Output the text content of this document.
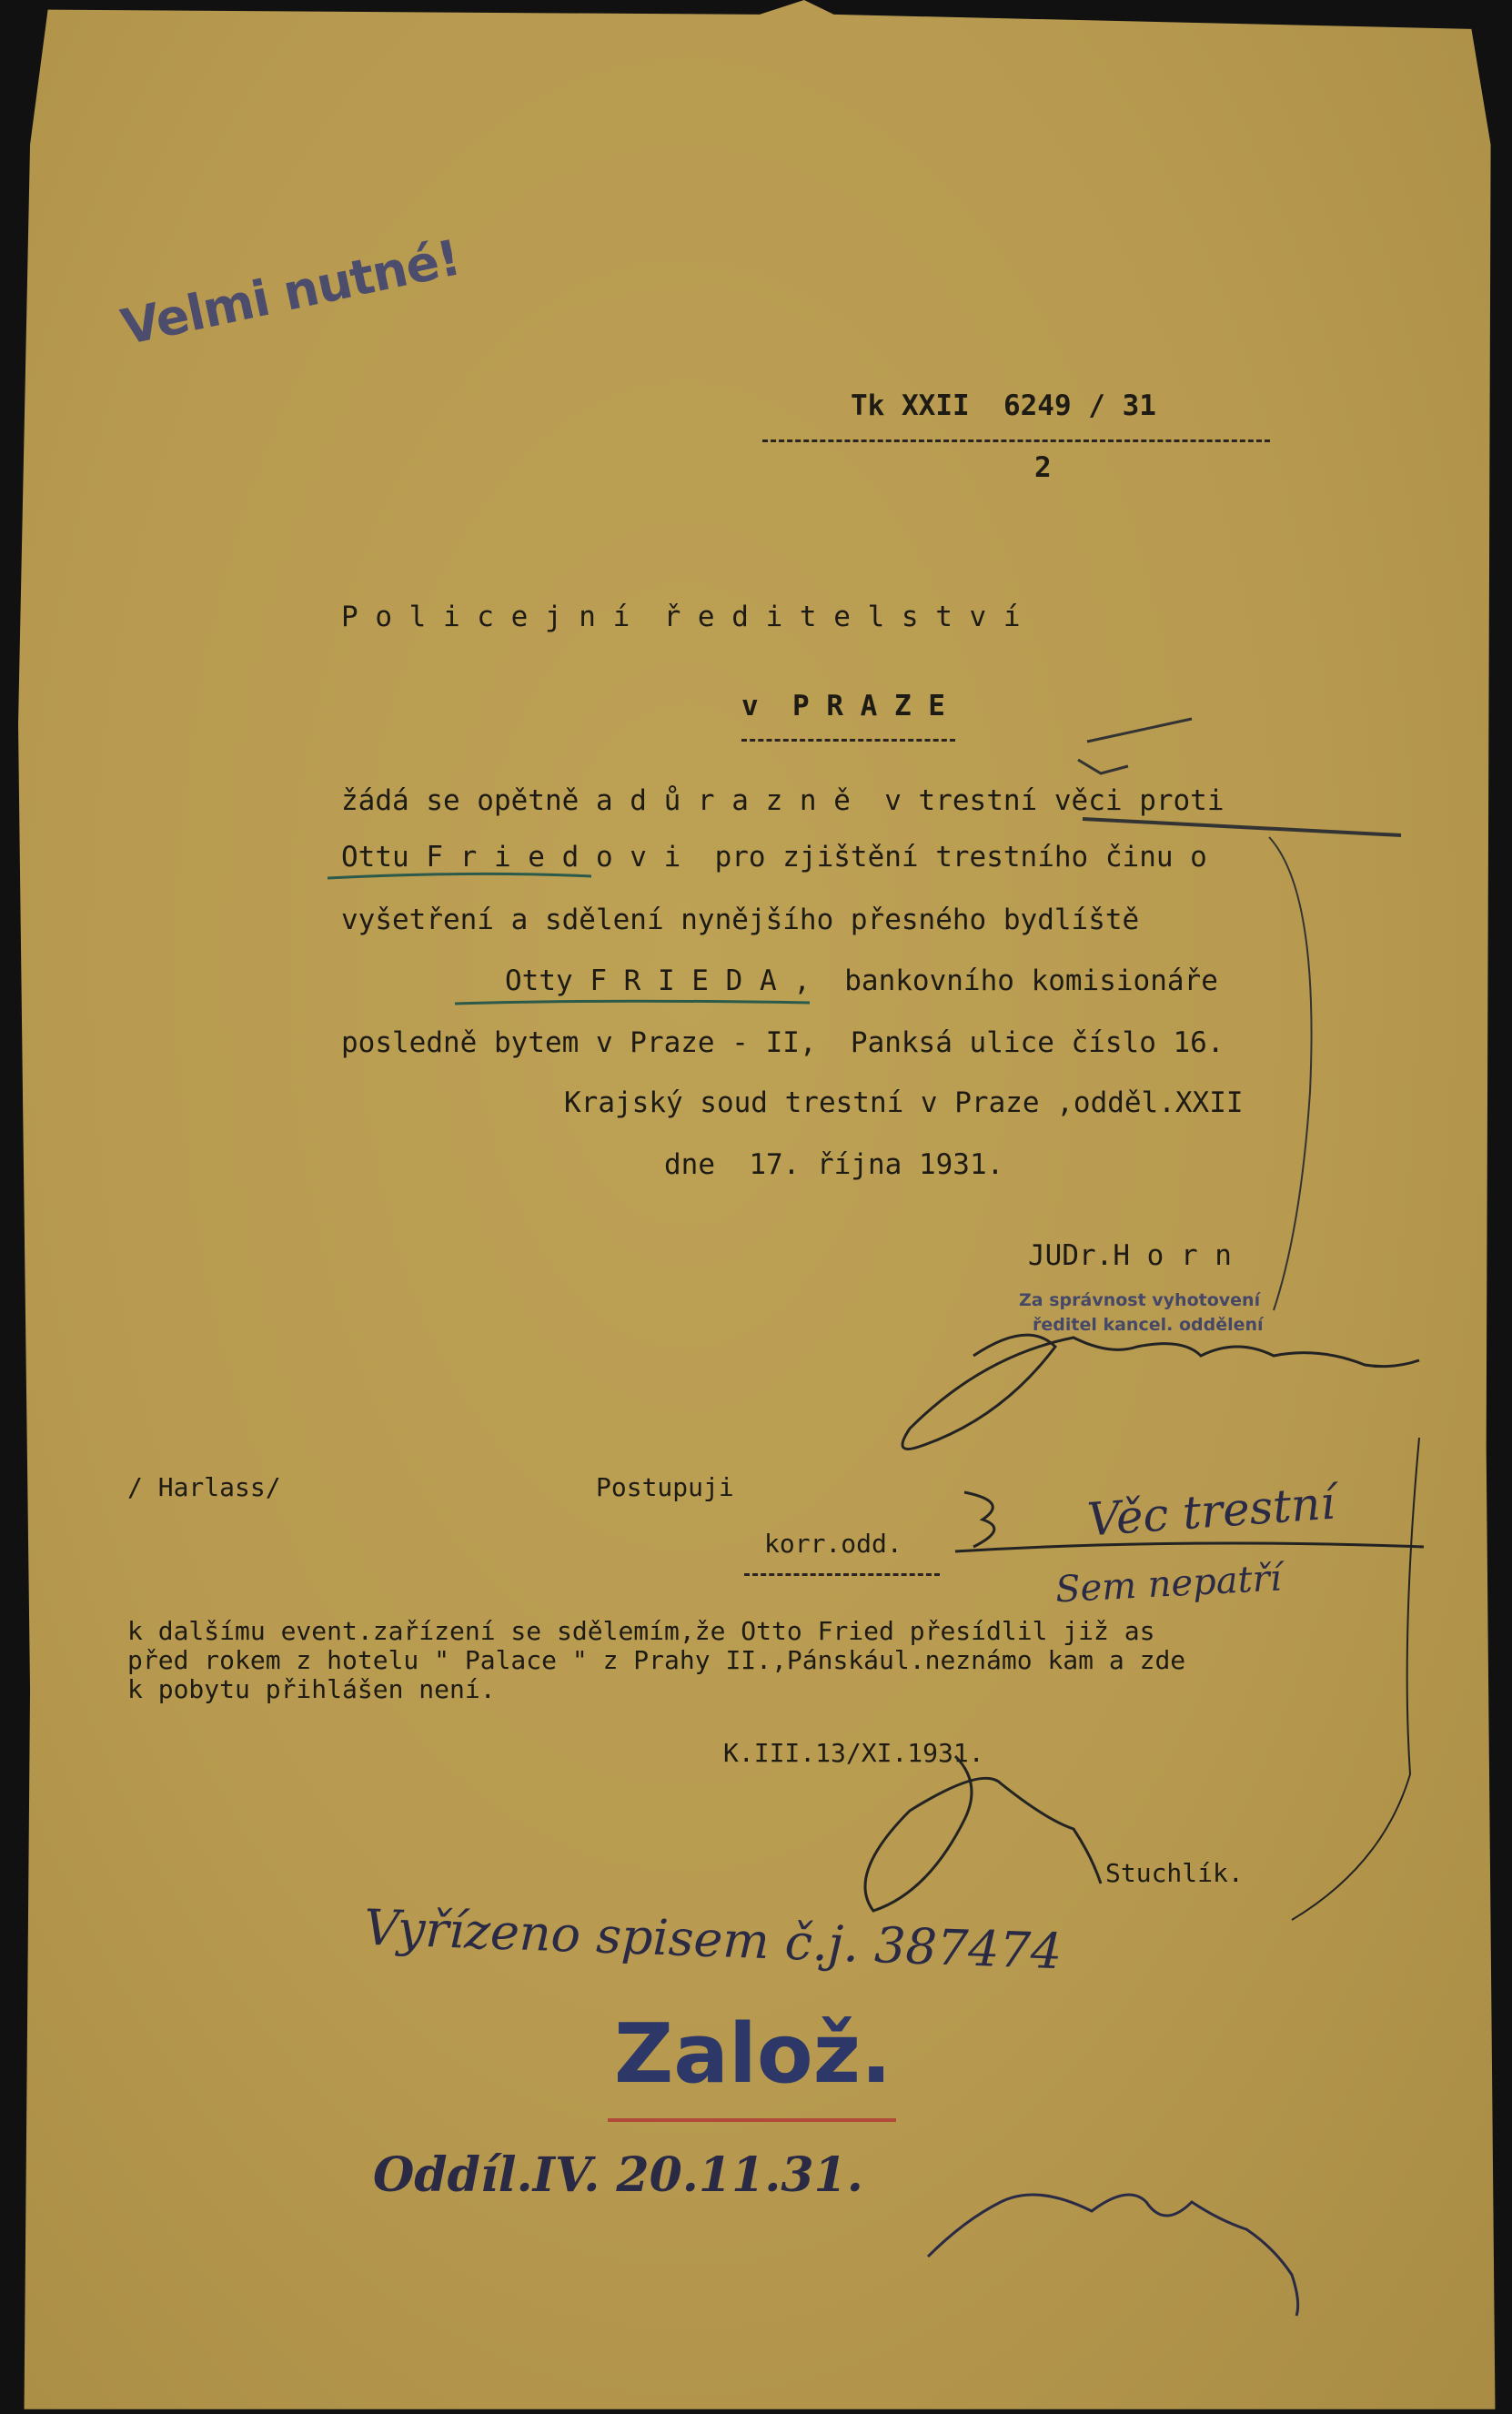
Velmi nutné!
Tk XXII  6249 / 31
2
P o l i c e j n í  ř e d i t e l s t v í
v  P R A Z E
žádá se opětně a d ů r a z n ě  v trestní věci proti
Ottu F r i e d o v i  pro zjištění trestního činu o
vyšetření a sdělení nynějšího přesného bydlíště
Otty F R I E D A ,  bankovního komisionáře
posledně bytem v Praze - II,  Panksá ulice číslo 16.
Krajský soud trestní v Praze ,odděl.XXII
dne  17. října 1931.
JUDr.H o r n
Za správnost vyhotovení
ředitel kancel. oddělení
/ Harlass/	Postupuji
korr.odd.	Věc trestní
Sem nepatří
k dalšímu event.zařízení se sdělemím,že Otto Fried přesídlil již as
před rokem z hotelu " Palace " z Prahy II.,Pánskául.neznámo kam a zde
k pobytu přihlášen není.
K.III.13/XI.1931.
Stuchlík.
Vyřízeno spisem č.j. 387474
Založ.
Oddíl.IV. 20.11.31.
